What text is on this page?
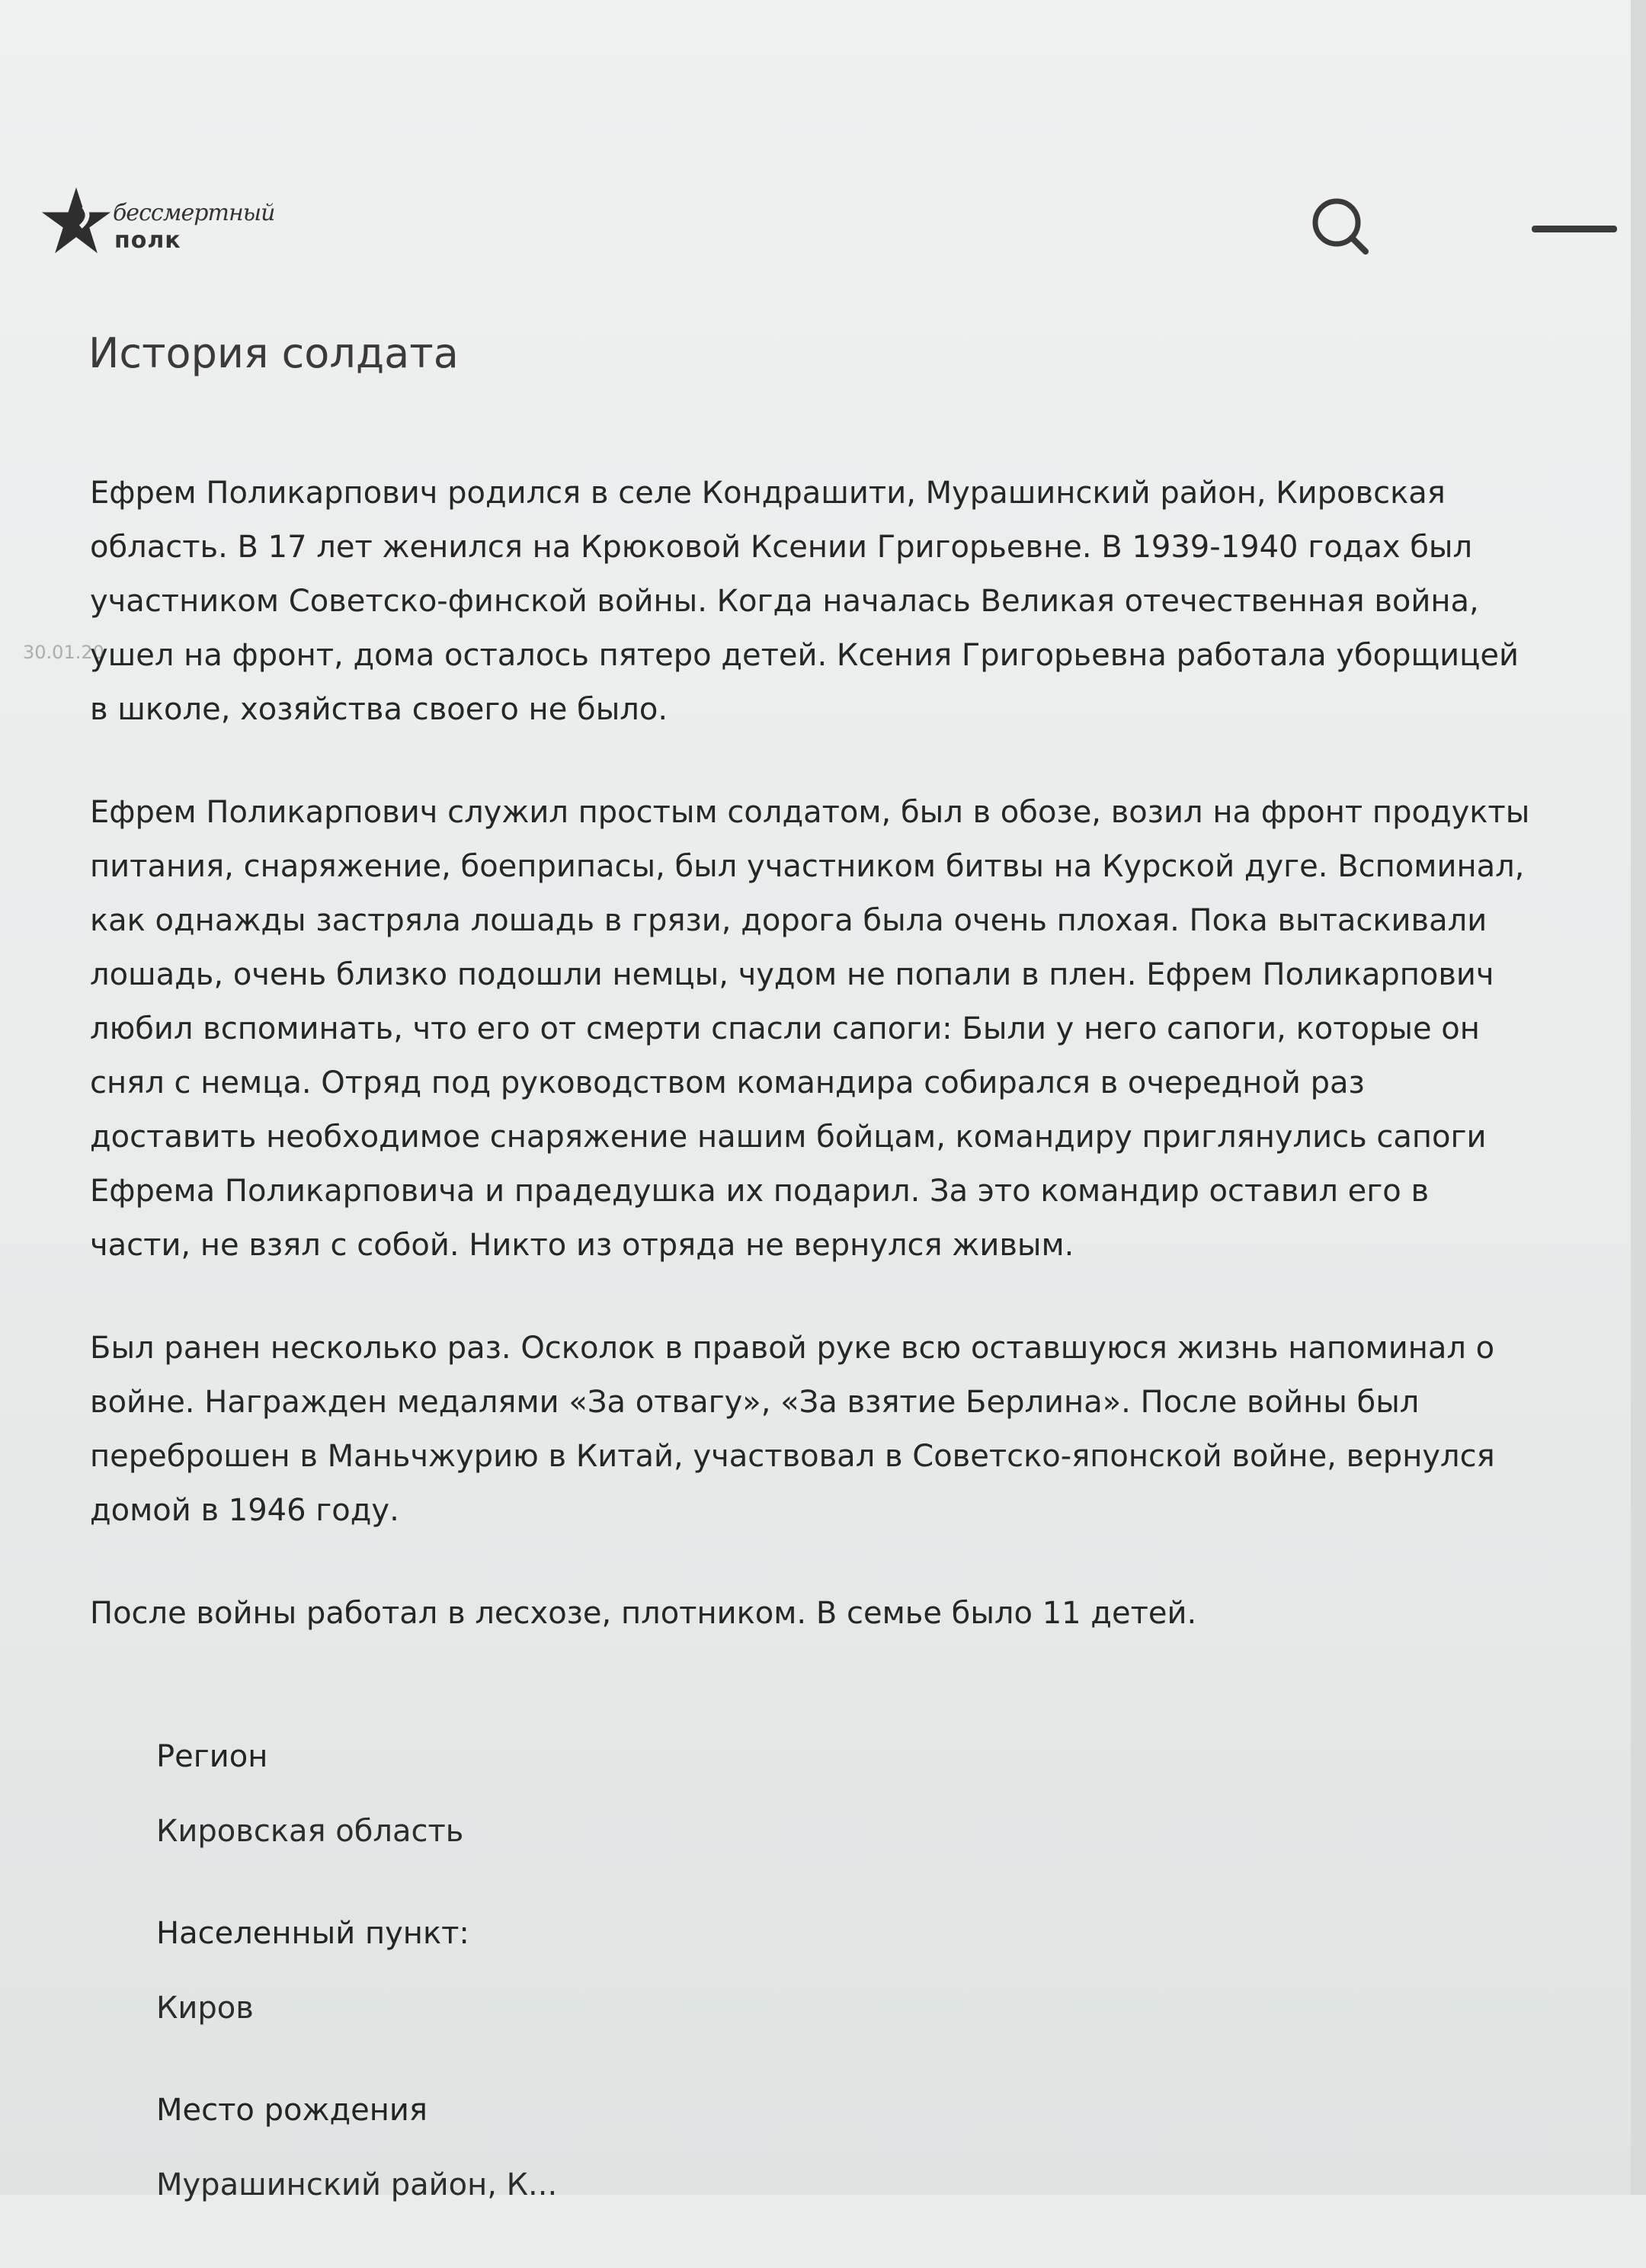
30.01.20
бессмертный
полк
История солдата

Ефрем Поликарпович родился в селе Кондрашити, Мурашинский район, Кировская область. В 17 лет женился на Крюковой Ксении Григорьевне. В 1939-1940 годах был участником Советско-финской войны. Когда началась Великая отечественная война, ушел на фронт, дома осталось пятеро детей. Ксения Григорьевна работала уборщицей в школе, хозяйства своего не было.

Ефрем Поликарпович служил простым солдатом, был в обозе, возил на фронт продукты питания, снаряжение, боеприпасы, был участником битвы на Курской дуге. Вспоминал, как однажды застряла лошадь в грязи, дорога была очень плохая. Пока вытаскивали лошадь, очень близко подошли немцы, чудом не попали в плен. Ефрем Поликарпович любил вспоминать, что его от смерти спасли сапоги: Были у него сапоги, которые он снял с немца. Отряд под руководством командира собирался в очередной раз доставить необходимое снаряжение нашим бойцам, командиру приглянулись сапоги Ефрема Поликарповича и прадедушка их подарил. За это командир оставил его в части, не взял с собой. Никто из отряда не вернулся живым.

Был ранен несколько раз. Осколок в правой руке всю оставшуюся жизнь напоминал о войне. Награжден медалями «За отвагу», «За взятие Берлина». После войны был переброшен в Маньчжурию в Китай, участвовал в Советско-японской войне, вернулся домой в 1946 году.

После войны работал в лесхозе, плотником. В семье было 11 детей.

Регион
Кировская область
Населенный пункт:
Киров
Место рождения
Мурашинский район, К...
